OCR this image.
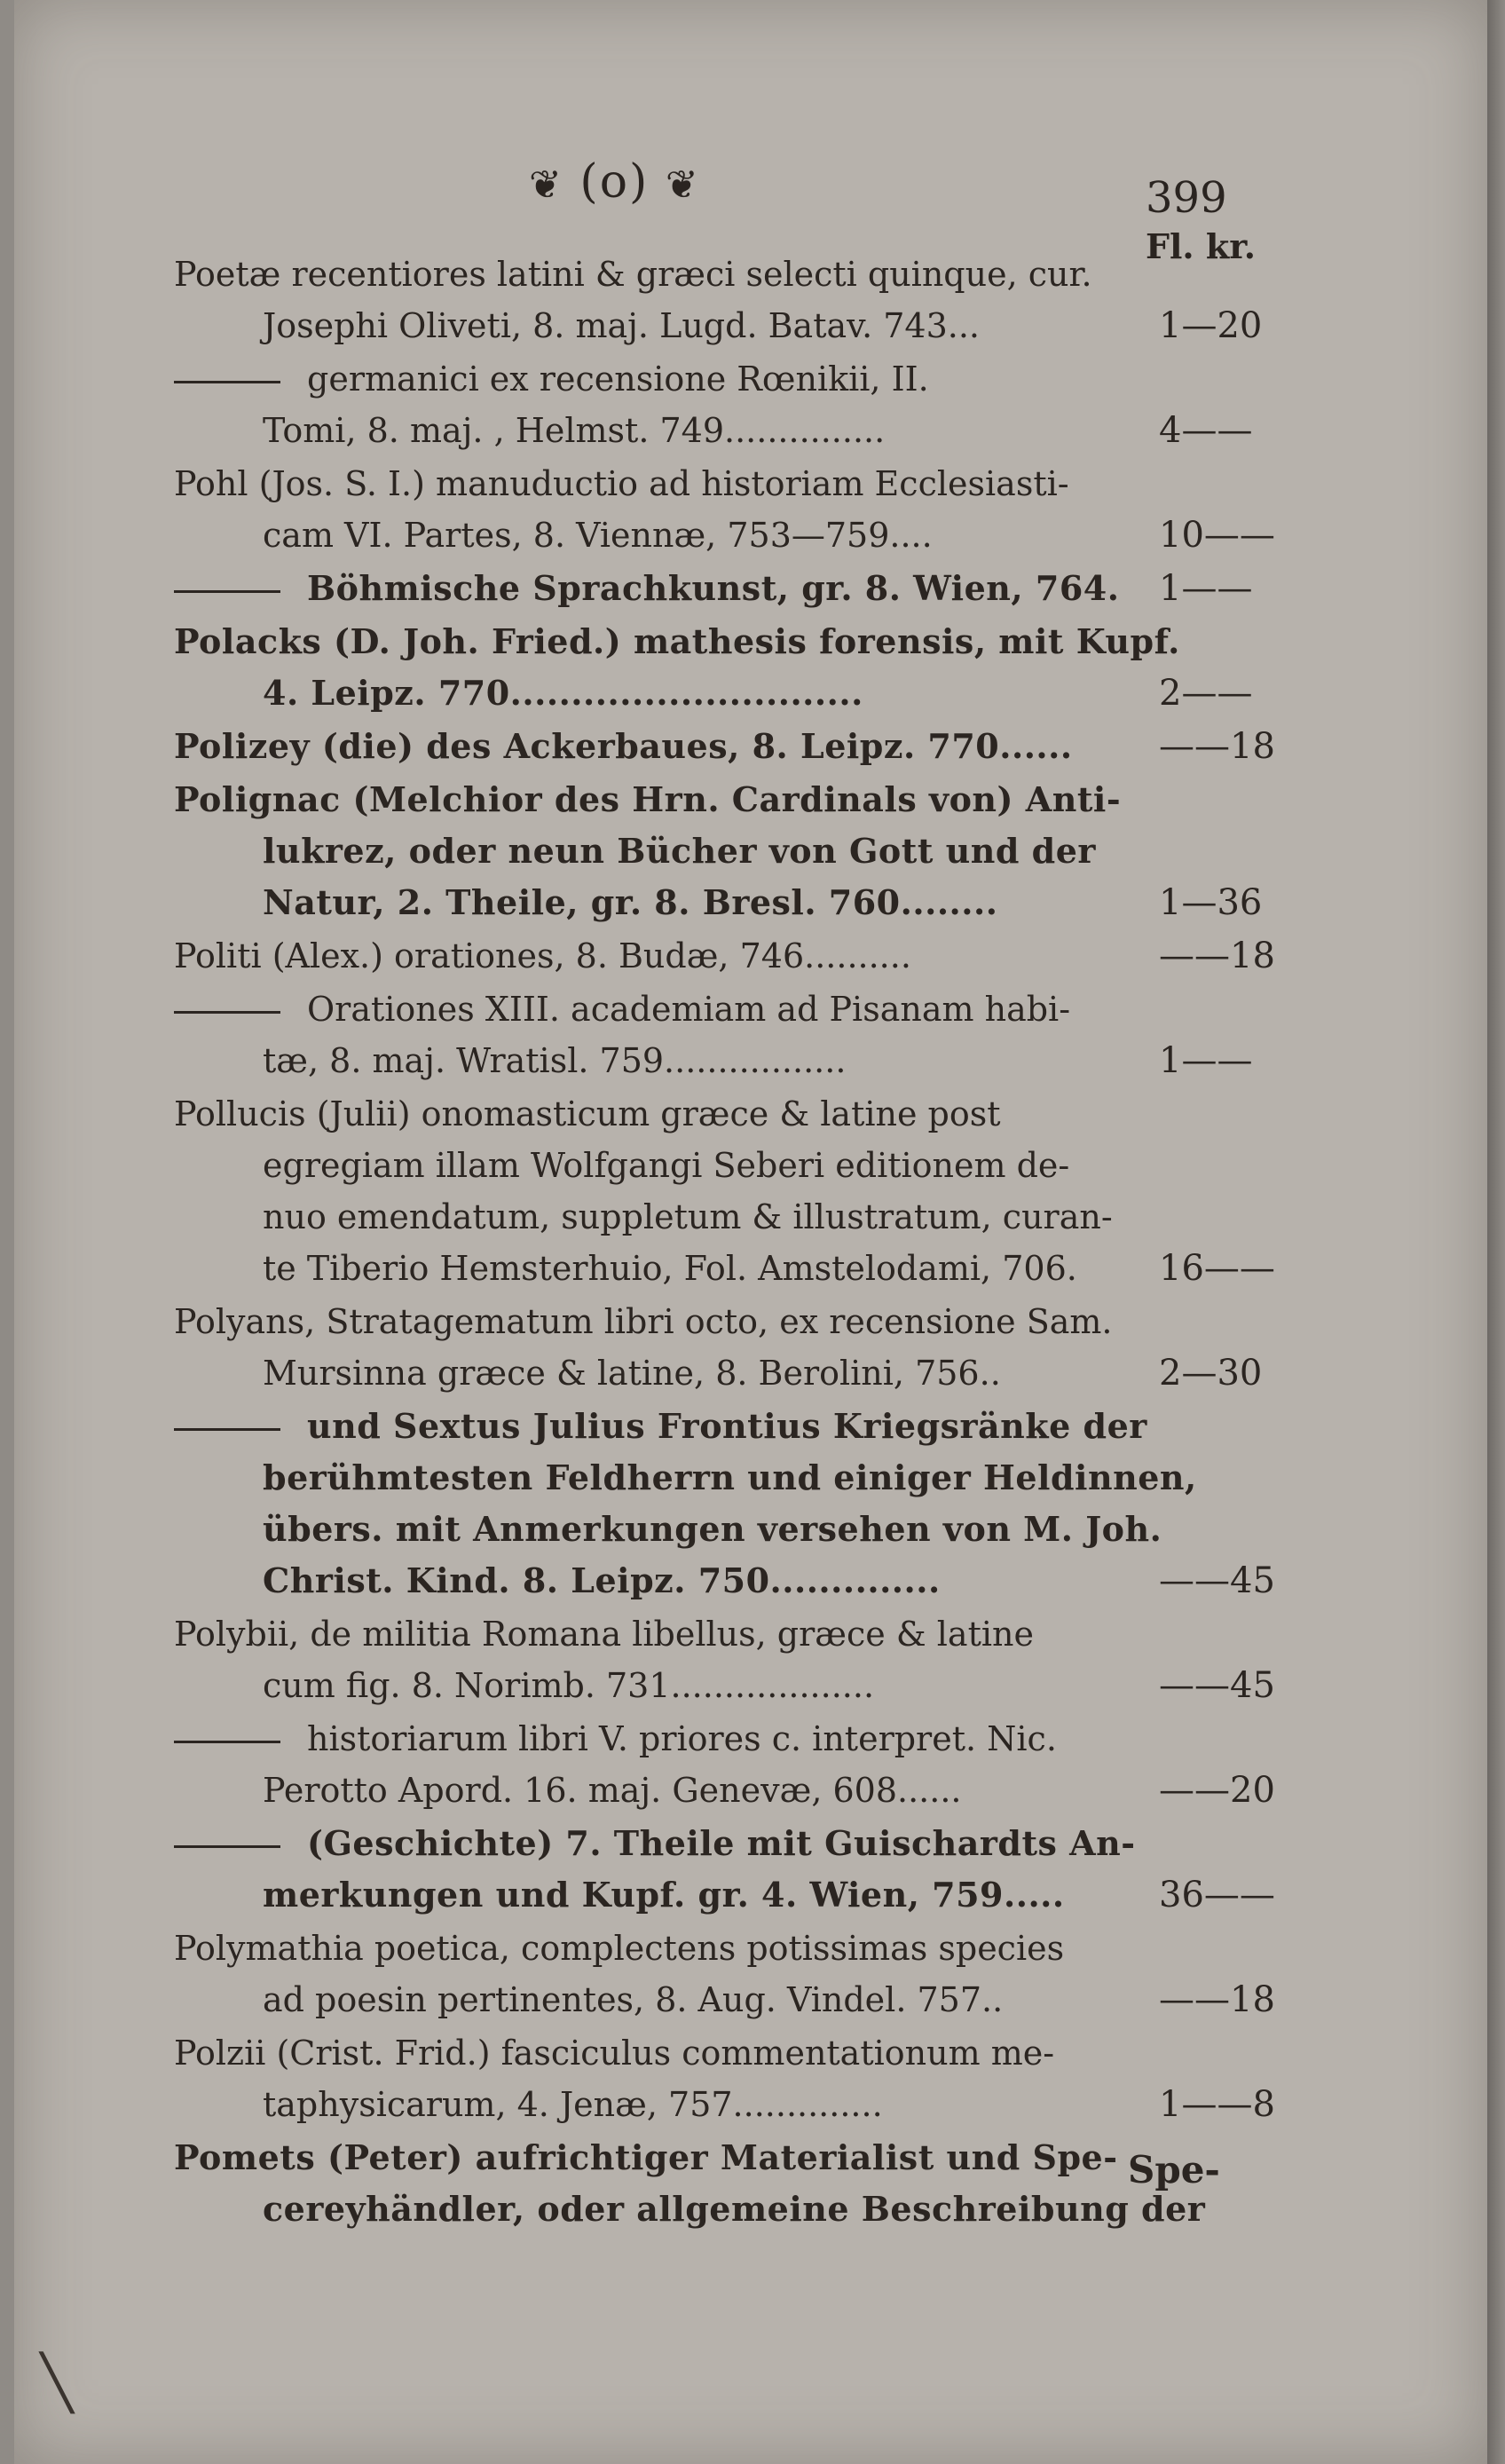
❦ (o) ❦	399
Fl. kr.
Poetæ recentiores latini & græci selecti quinque, cur.
Josephi Oliveti, 8. maj. Lugd. Batav. 743...	1—20
germanici ex recensione Rœnikii, II.
Tomi, 8. maj. , Helmst. 749...............	4——
Pohl (Jos. S. I.) manuductio ad historiam Ecclesiasti-
cam VI. Partes, 8. Viennæ, 753—759....	10——
Böhmische Sprachkunst, gr. 8. Wien, 764.	1——
Polacks (D. Joh. Fried.) mathesis forensis, mit Kupf.
4. Leipz. 770.............................	2——
Polizey (die) des Ackerbaues, 8. Leipz. 770......	——18
Polignac (Melchior des Hrn. Cardinals von) Anti-
lukrez, oder neun Bücher von Gott und der
Natur, 2. Theile, gr. 8. Bresl. 760........	1—36
Politi (Alex.) orationes, 8. Budæ, 746..........	——18
Orationes XIII. academiam ad Pisanam habi-
tæ, 8. maj. Wratisl. 759.................	1——
Pollucis (Julii) onomasticum græce & latine post
egregiam illam Wolfgangi Seberi editionem de-
nuo emendatum, suppletum & illustratum, curan-
te Tiberio Hemsterhuio, Fol. Amstelodami, 706.	16——
Polyans, Stratagematum libri octo, ex recensione Sam.
Mursinna græce & latine, 8. Berolini, 756..	2—30
und Sextus Julius Frontius Kriegsränke der
berühmtesten Feldherrn und einiger Heldinnen,
übers. mit Anmerkungen versehen von M. Joh.
Christ. Kind. 8. Leipz. 750..............	——45
Polybii, de militia Romana libellus, græce & latine
cum fig. 8. Norimb. 731...................	——45
historiarum libri V. priores c. interpret. Nic.
Perotto Apord. 16. maj. Genevæ, 608......	——20
(Geschichte) 7. Theile mit Guischardts An-
merkungen und Kupf. gr. 4. Wien, 759.....	36——
Polymathia poetica, complectens potissimas species
ad poesin pertinentes, 8. Aug. Vindel. 757..	——18
Polzii (Crist. Frid.) fasciculus commentationum me-
taphysicarum, 4. Jenæ, 757..............	1——8
Pomets (Peter) aufrichtiger Materialist und Spe-
cereyhändler, oder allgemeine Beschreibung der
Spe-
╲
